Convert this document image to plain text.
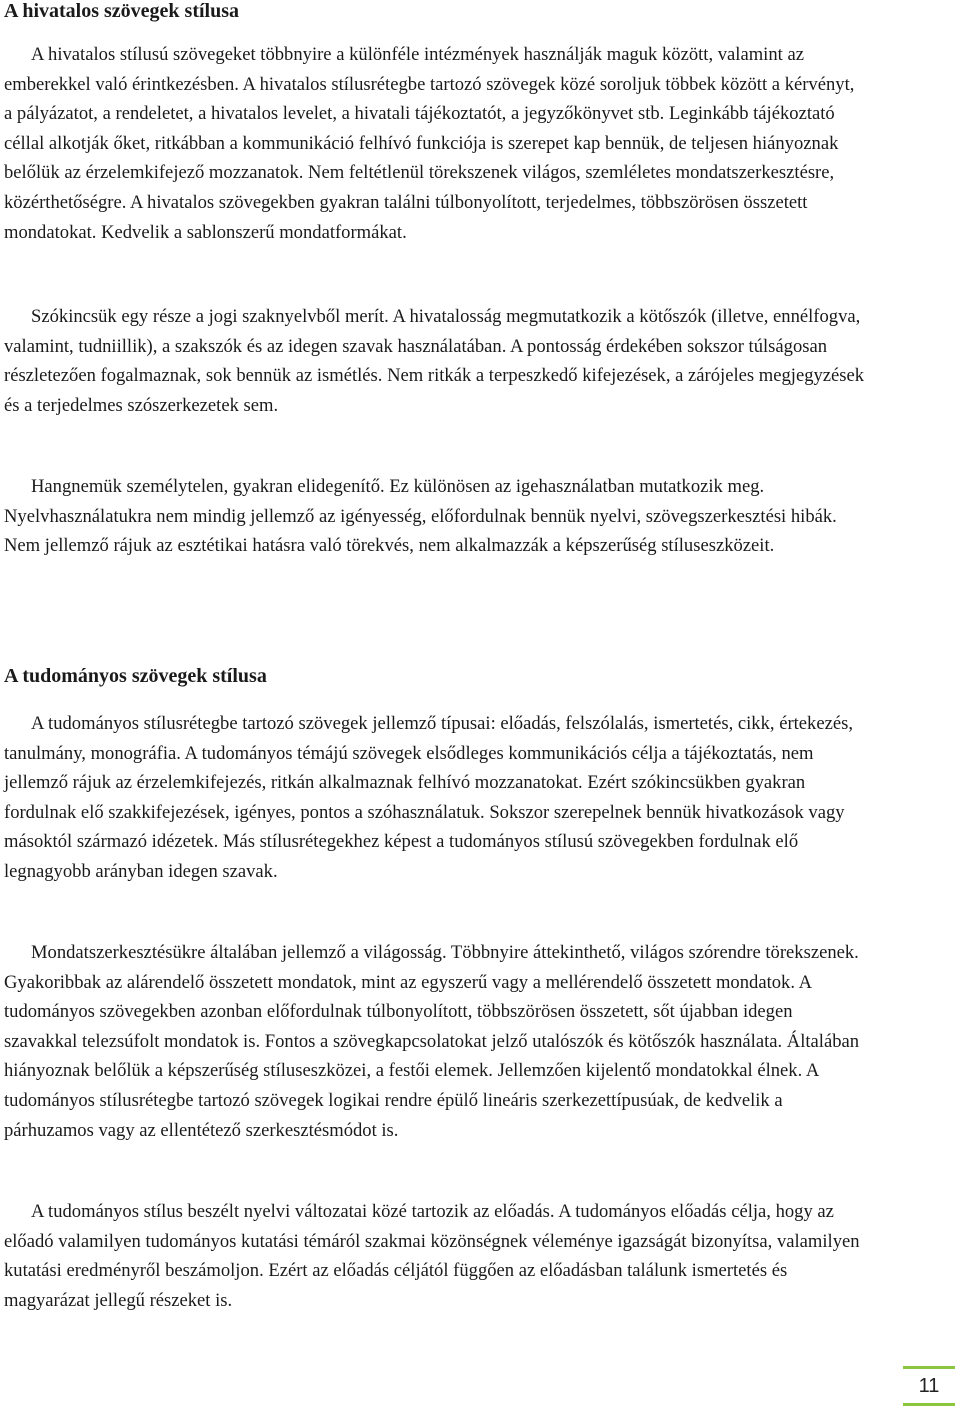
A hivatalos szövegek stílusa

A hivatalos stílusú szövegeket többnyire a különféle intézmények használják maguk között, valamint az emberekkel való érintkezésben. A hivatalos stílusrétegbe tartozó szövegek közé soroljuk többek között a kérvényt, a pályázatot, a rendeletet, a hivatalos levelet, a hivatali tájékoztatót, a jegyzőkönyvet stb. Leginkább tájékoztató céllal alkotják őket, ritkábban a kommunikáció felhívó funkciója is szerepet kap bennük, de teljesen hiányoznak belőlük az érzelemkifejező mozzanatok. Nem feltétlenül törekszenek világos, szemléletes mondatszerkesztésre, közérthetőségre. A hivatalos szövegekben gyakran találni túlbonyolított, terjedelmes, többszörösen összetett mondatokat. Kedvelik a sablonszerű mondatformákat.

Szókincsük egy része a jogi szaknyelvből merít. A hivatalosság megmutatkozik a kötőszók (illetve, ennélfogva, valamint, tudniillik), a szakszók és az idegen szavak használatában. A pontosság érdekében sokszor túlságosan részletezően fogalmaznak, sok bennük az ismétlés. Nem ritkák a terpeszkedő kifejezések, a zárójeles megjegyzések és a terjedelmes szószerkezetek sem.

Hangnemük személytelen, gyakran elidegenítő. Ez különösen az igehasználatban mutatkozik meg. Nyelvhasználatukra nem mindig jellemző az igényesség, előfordulnak bennük nyelvi, szövegszerkesztési hibák. Nem jellemző rájuk az esztétikai hatásra való törekvés, nem alkalmazzák a képszerűség stíluseszközeit.

A tudományos szövegek stílusa

A tudományos stílusrétegbe tartozó szövegek jellemző típusai: előadás, felszólalás, ismertetés, cikk, értekezés, tanulmány, monográfia. A tudományos témájú szövegek elsődleges kommunikációs célja a tájékoztatás, nem jellemző rájuk az érzelemkifejezés, ritkán alkalmaznak felhívó mozzanatokat. Ezért szókincsükben gyakran fordulnak elő szakkifejezések, igényes, pontos a szóhasználatuk. Sokszor szerepelnek bennük hivatkozások vagy másoktól származó idézetek. Más stílusrétegekhez képest a tudományos stílusú szövegekben fordulnak elő legnagyobb arányban idegen szavak.

Mondatszerkesztésükre általában jellemző a világosság. Többnyire áttekinthető, világos szórendre törekszenek. Gyakoribbak az alárendelő összetett mondatok, mint az egyszerű vagy a mellérendelő összetett mondatok. A tudományos szövegekben azonban előfordulnak túlbonyolított, többszörösen összetett, sőt újabban idegen szavakkal telezsúfolt mondatok is. Fontos a szövegkapcsolatokat jelző utalószók és kötőszók használata. Általában hiányoznak belőlük a képszerűség stíluseszközei, a festői elemek. Jellemzően kijelentő mondatokkal élnek. A tudományos stílusrétegbe tartozó szövegek logikai rendre épülő lineáris szerkezettípusúak, de kedvelik a párhuzamos vagy az ellentétező szerkesztésmódot is.

A tudományos stílus beszélt nyelvi változatai közé tartozik az előadás. A tudományos előadás célja, hogy az előadó valamilyen tudományos kutatási témáról szakmai közönségnek véleménye igazságát bizonyítsa, valamilyen kutatási eredményről beszámoljon. Ezért az előadás céljától függően az előadásban találunk ismertetés és magyarázat jellegű részeket is.

11
